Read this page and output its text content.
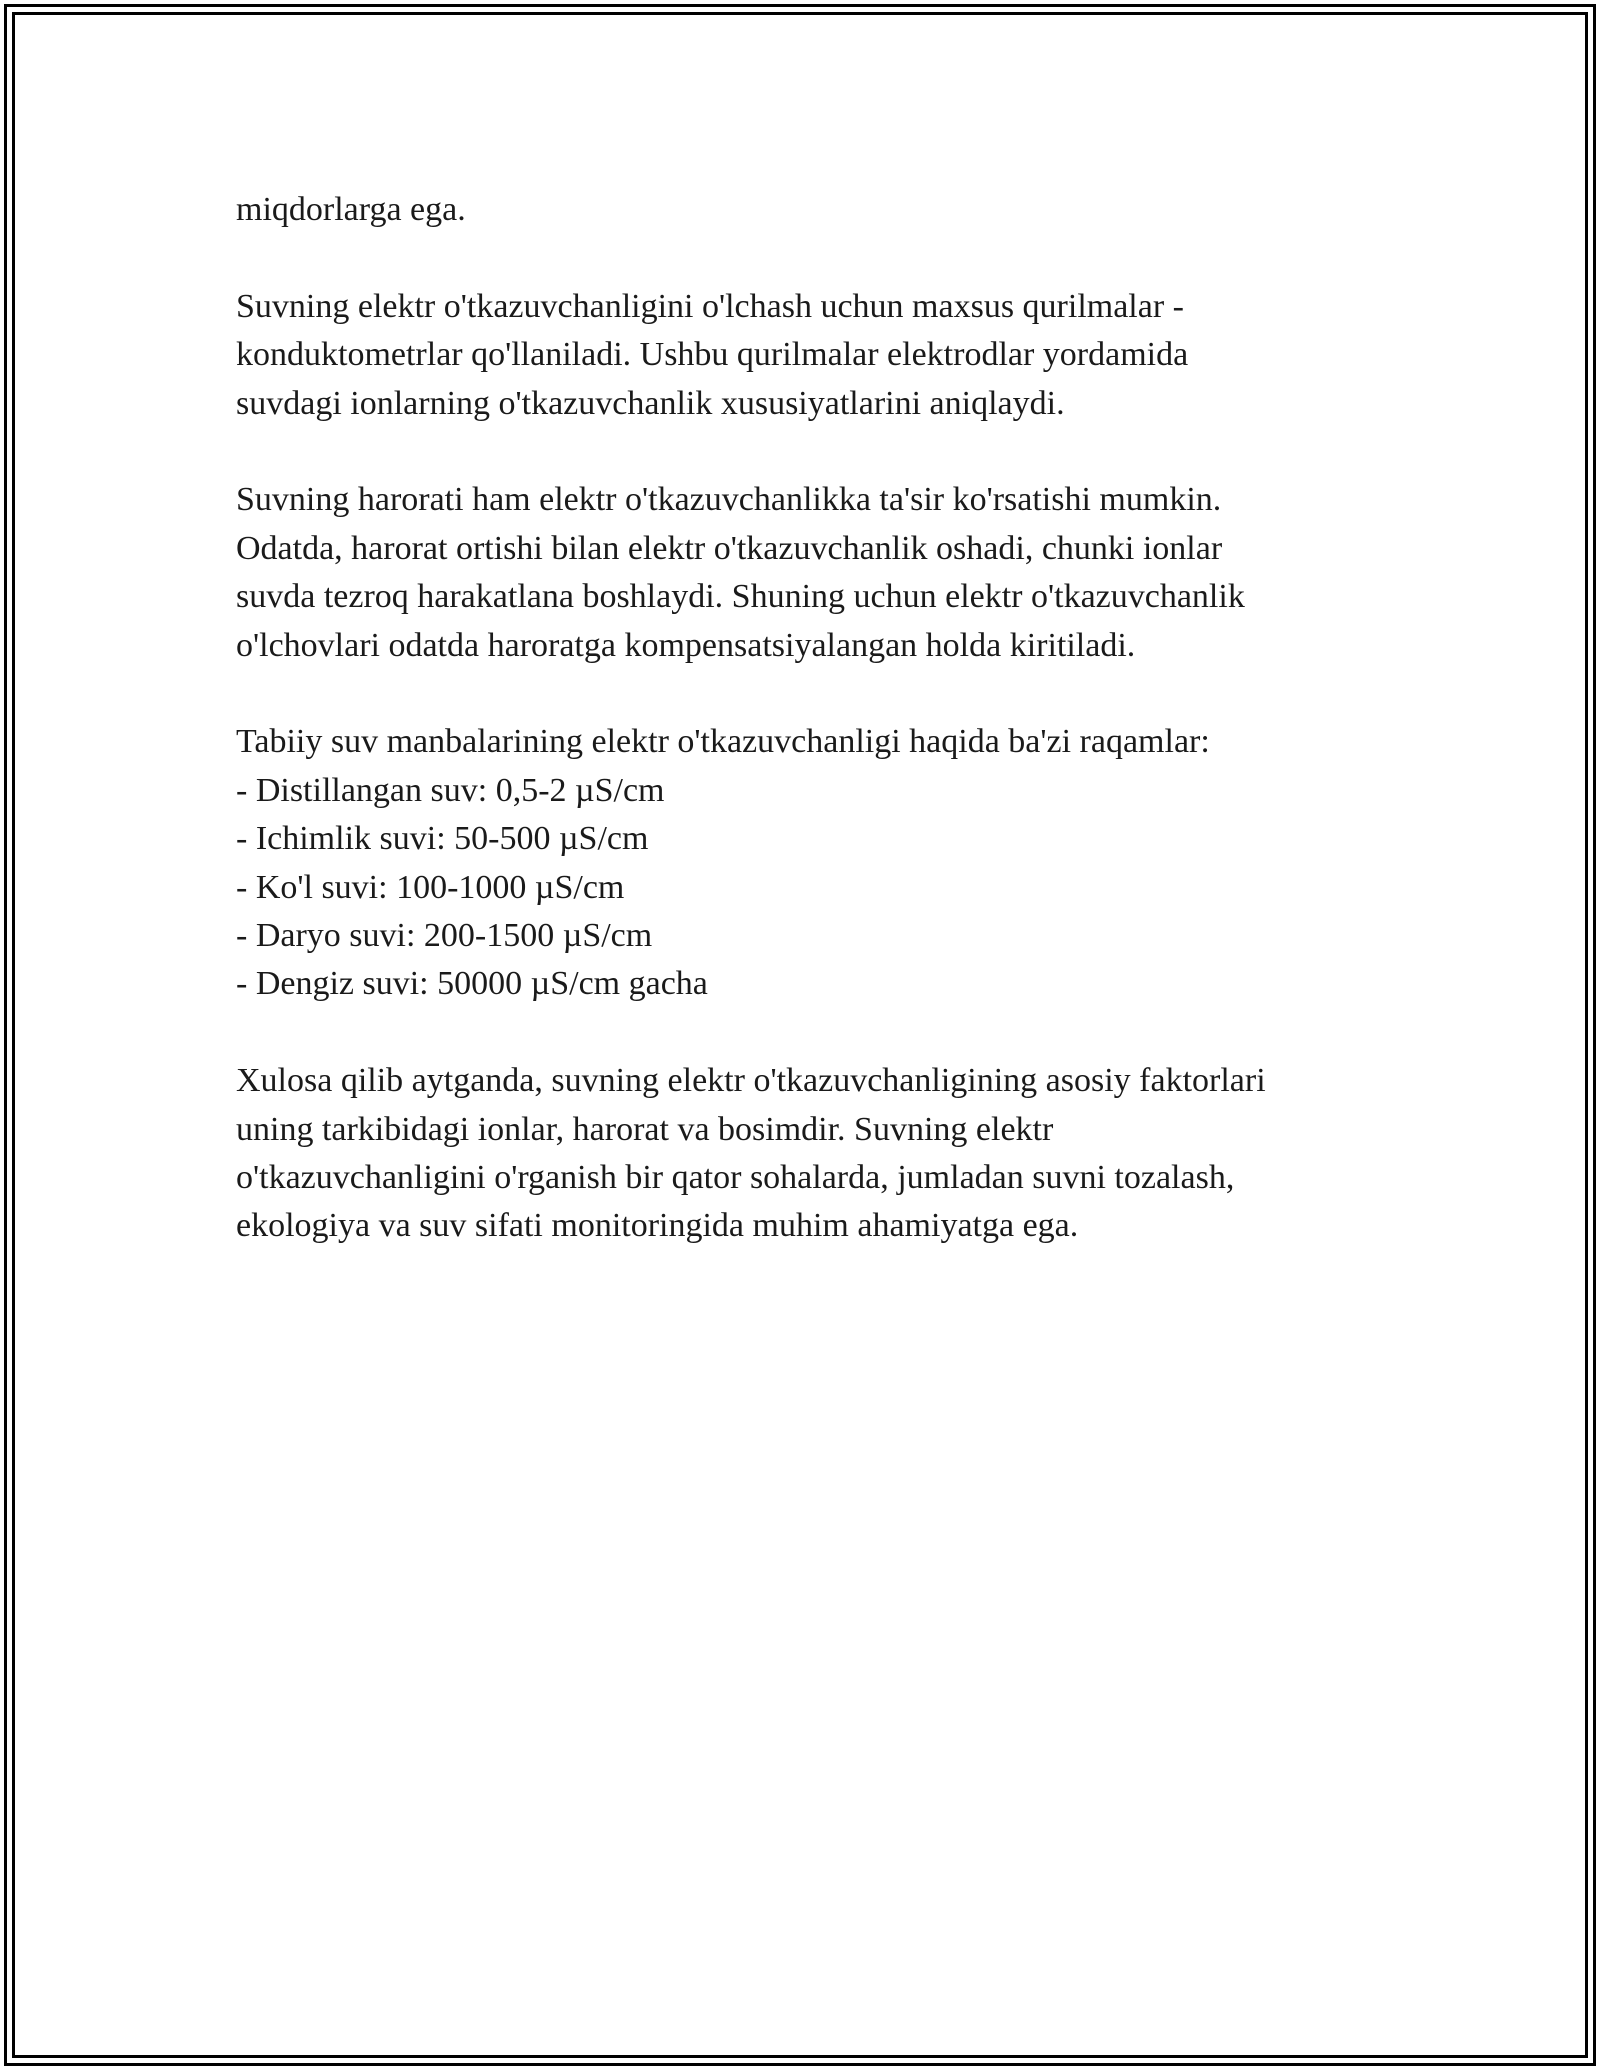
miqdorlarga ega.

Suvning elektr o'tkazuvchanligini o'lchash uchun maxsus qurilmalar -
konduktometrlar qo'llaniladi. Ushbu qurilmalar elektrodlar yordamida
suvdagi ionlarning o'tkazuvchanlik xususiyatlarini aniqlaydi.

Suvning harorati ham elektr o'tkazuvchanlikka ta'sir ko'rsatishi mumkin.
Odatda, harorat ortishi bilan elektr o'tkazuvchanlik oshadi, chunki ionlar
suvda tezroq harakatlana boshlaydi. Shuning uchun elektr o'tkazuvchanlik
o'lchovlari odatda haroratga kompensatsiyalangan holda kiritiladi.

Tabiiy suv manbalarining elektr o'tkazuvchanligi haqida ba'zi raqamlar:
- Distillangan suv: 0,5-2 µS/cm
- Ichimlik suvi: 50-500 µS/cm
- Ko'l suvi: 100-1000 µS/cm
- Daryo suvi: 200-1500 µS/cm
- Dengiz suvi: 50000 µS/cm gacha

Xulosa qilib aytganda, suvning elektr o'tkazuvchanligining asosiy faktorlari
uning tarkibidagi ionlar, harorat va bosimdir. Suvning elektr
o'tkazuvchanligini o'rganish bir qator sohalarda, jumladan suvni tozalash,
ekologiya va suv sifati monitoringida muhim ahamiyatga ega.
